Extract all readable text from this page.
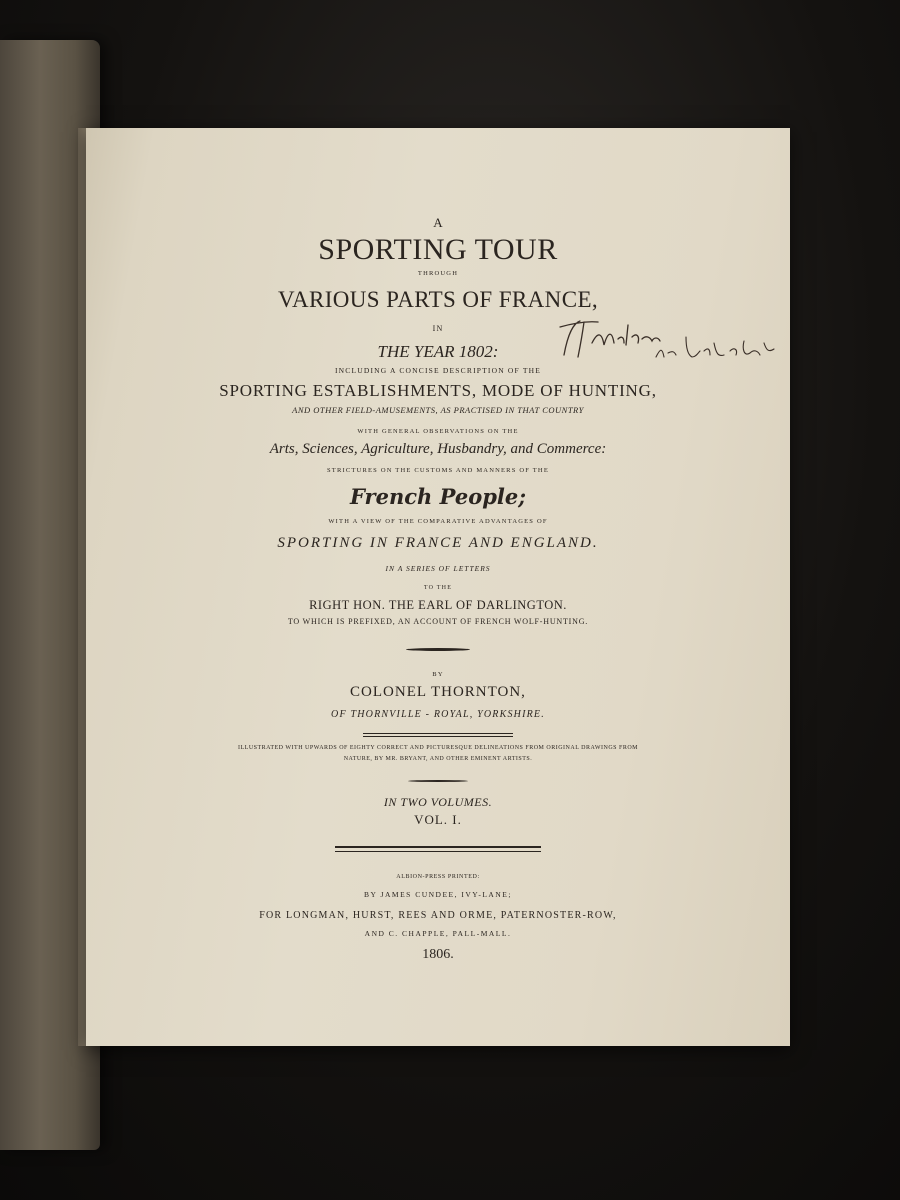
A
SPORTING TOUR
THROUGH
VARIOUS PARTS OF FRANCE,
IN
THE YEAR 1802:
INCLUDING A CONCISE DESCRIPTION OF THE
SPORTING ESTABLISHMENTS, MODE OF HUNTING,
AND OTHER FIELD-AMUSEMENTS, AS PRACTISED IN THAT COUNTRY
WITH GENERAL OBSERVATIONS ON THE
Arts, Sciences, Agriculture, Husbandry, and Commerce:
STRICTURES ON THE CUSTOMS AND MANNERS OF THE
French People;
WITH A VIEW OF THE COMPARATIVE ADVANTAGES OF
SPORTING IN FRANCE AND ENGLAND.
IN A SERIES OF LETTERS
TO THE
RIGHT HON. THE EARL OF DARLINGTON.
TO WHICH IS PREFIXED, AN ACCOUNT OF FRENCH WOLF-HUNTING.
BY
COLONEL THORNTON,
OF THORNVILLE - ROYAL, YORKSHIRE.
ILLUSTRATED WITH UPWARDS OF EIGHTY CORRECT AND PICTURESQUE DELINEATIONS FROM ORIGINAL DRAWINGS FROM
NATURE, BY MR. BRYANT, AND OTHER EMINENT ARTISTS.
IN TWO VOLUMES.
VOL. I.
ALBION-PRESS PRINTED:
BY JAMES CUNDEE, IVY-LANE;
FOR LONGMAN, HURST, REES AND ORME, PATERNOSTER-ROW,
AND C. CHAPPLE, PALL-MALL.
1806.
